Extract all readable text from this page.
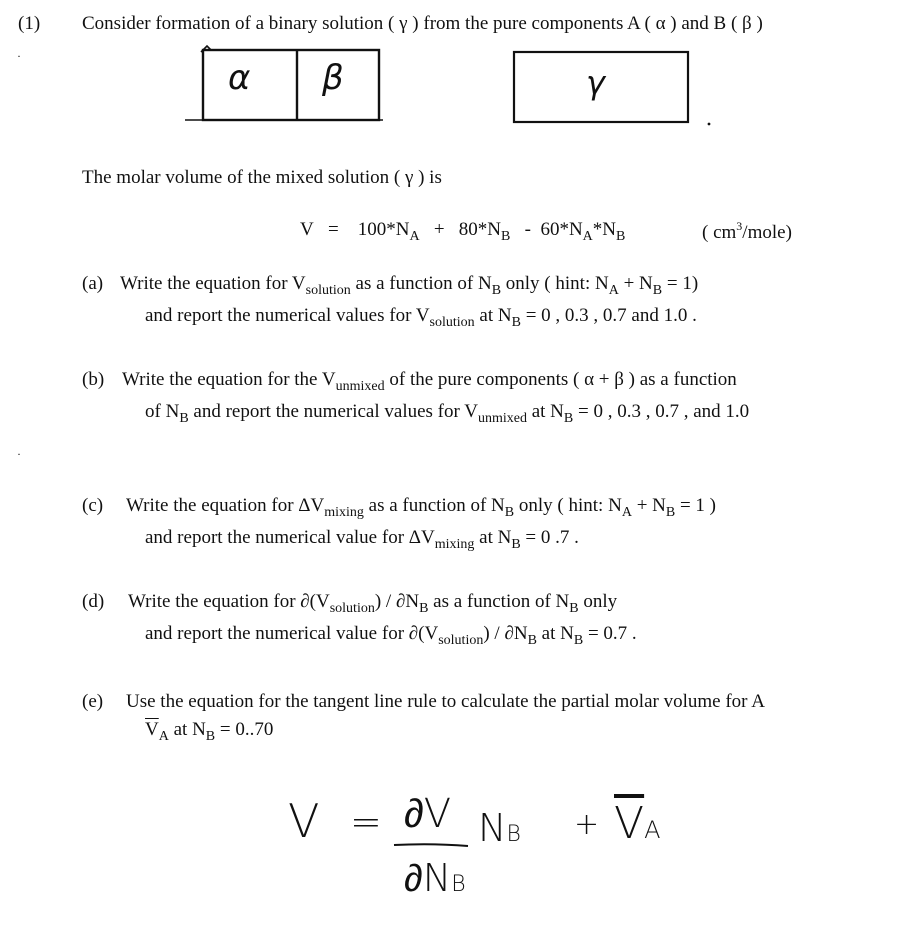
(1) Consider formation of a binary solution ( γ ) from the pure components A ( α ) and B ( β )
·
α β	γ
The molar volume of the mixed solution ( γ ) is
$V = 100*N_A + 80*N_B - 60*N_A*N_B$	( $cm^3/mole$)
(a) Write the equation for $V_{solution}$ as a function of $N_B$ only ( hint: $N_A + N_B = 1$)
and report the numerical values for $V_{solution}$ at $N_B = 0$ , 0.3 , 0.7 and 1.0 .
(b) Write the equation for the $V_{unmixed}$ of the pure components ( α + β ) as a function
of $N_B$ and report the numerical values for $V_{unmixed}$ at $N_B = 0$ , 0.3 , 0.7 , and 1.0
·
(c) Write the equation for $\Delta V_{mixing}$ as a function of $N_B$ only ( hint: $N_A + N_B = 1$ )
and report the numerical value for $\Delta V_{mixing}$ at $N_B = 0$ .7 .
(d) Write the equation for $\partial(V_{solution}) / \partial N_B$ as a function of $N_B$ only
and report the numerical value for $\partial(V_{solution}) / \partial N_B$ at $N_B = 0.7$ .
(e) Use the equation for the tangent line rule to calculate the partial molar volume for A
$\overline{V}_A$ at $N_B = 0..70$
V = ∂V
∂NB
NB + $\overline{V}A$
